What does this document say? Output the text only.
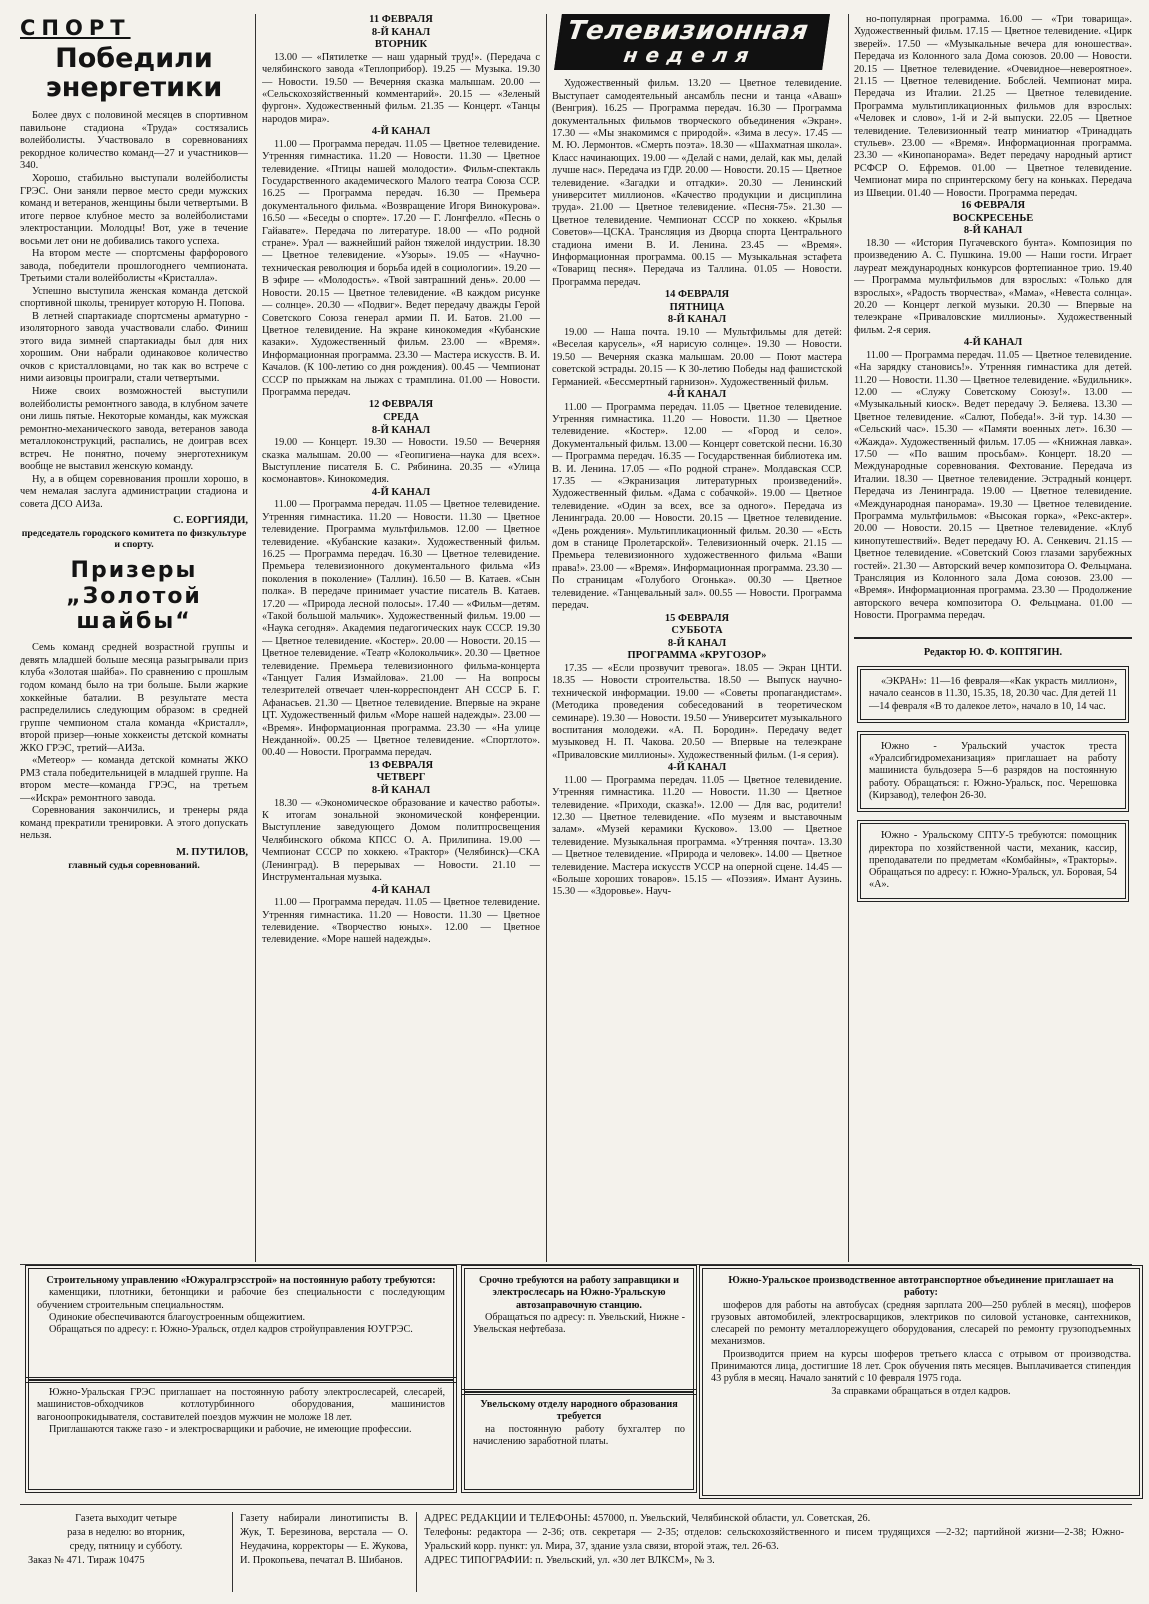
СПОРТ
Победили энергетики

Более двух с половиной месяцев в спортивном павильоне стадиона «Труда» состязались волейболисты. Участвовало в соревнованиях рекордное количество команд—27 и участников—340.

Хорошо, стабильно выступали волейболисты ГРЭС. Они заняли первое место среди мужских команд и ветеранов, женщины были четвертыми. В итоге первое клубное место за волейболистами электростанции. Молодцы! Вот, уже в течение восьми лет они не добивались такого успеха.

На втором месте — спортсмены фарфорового завода, победители прошлогоднего чемпионата. Третьими стали волейболисты «Кристалла».

Успешно выступила женская команда детской спортивной школы, тренирует которую Н. Попова.

В летней спартакиаде спортсмены арматурно - изоляторного завода участвовали слабо. Финиш этого вида зимней спартакиады был для них хорошим. Они набрали одинаковое количество очков с кристалловцами, но так как во встрече с ними аизовцы проиграли, стали четвертыми.

Ниже своих возможностей выступили волейболисты ремонтного завода, в клубном зачете они лишь пятые. Некоторые команды, как мужская ремонтно-механического завода, ветеранов завода металлоконструкций, распались, не доиграв всех встреч. Не понятно, почему энерготехникум вообще не выставил женскую команду.

Ну, а в общем соревнования прошли хорошо, в чем немалая заслуга администрации стадиона и совета ДСО АИЗа.

С. ЕОРГИЯДИ,

председатель городского комитета по физкультуре и спорту.

Призеры „Золотой шайбы“

Семь команд средней возрастной группы и девять младшей больше месяца разыгрывали приз клуба «Золотая шайба». По сравнению с прошлым годом команд было на три больше. Были жаркие хоккейные баталии. В результате места распределились следующим образом: в средней группе чемпионом стала команда «Кристалл», второй призер—юные хоккеисты детской комнаты ЖКО ГРЭС, третий—АИЗа.

«Метеор» — команда детской комнаты ЖКО РМЗ стала победительницей в младшей группе. На втором месте—команда ГРЭС, на третьем—«Искра» ремонтного завода.

Соревнования закончились, и тренеры ряда команд прекратили тренировки. А этого допускать нельзя.

М. ПУТИЛОВ,

главный судья соревнований.

11 ФЕВРАЛЯ
8-Й КАНАЛ
ВТОРНИК

13.00 — «Пятилетке — наш ударный труд!». (Передача с челябинского завода «Теплоприбор). 19.25 — Музыка. 19.30 — Новости. 19.50 — Вечерняя сказка малышам. 20.00 — «Сельскохозяйственный комментарий». 20.15 — «Зеленый фургон». Художественный фильм. 21.35 — Концерт. «Танцы народов мира».

4-Й КАНАЛ

11.00 — Программа передач. 11.05 — Цветное телевидение. Утренняя гимнастика. 11.20 — Новости. 11.30 — Цветное телевидение. «Птицы нашей молодости». Фильм-спектакль Государственного академического Малого театра Союза ССР. 16.25 — Программа передач. 16.30 — Премьера документального фильма. «Возвращение Игоря Винокурова». 16.50 — «Беседы о спорте». 17.20 — Г. Лонгфелло. «Песнь о Гайавате». Передача по литературе. 18.00 — «По родной стране». Урал — важнейший район тяжелой индустрии. 18.30 — Цветное телевидение. «Узоры». 19.05 — «Научно-техническая революция и борьба идей в социологии». 19.20 — В эфире — «Молодость». «Твой завтрашний день». 20.00 — Новости. 20.15 — Цветное телевидение. «В каждом рисунке — солнце». 20.30 — «Подвиг». Ведет передачу дважды Герой Советского Союза генерал армии П. И. Батов. 21.00 — Цветное телевидение. На экране кинокомедия «Кубанские казаки». Художественный фильм. 23.00 — «Время». Информационная программа. 23.30 — Мастера искусств. В. И. Качалов. (К 100-летию со дня рождения). 00.45 — Чемпионат СССР по прыжкам на лыжах с трамплина. 01.00 — Новости. Программа передач.

12 ФЕВРАЛЯ
СРЕДА
8-Й КАНАЛ

19.00 — Концерт. 19.30 — Новости. 19.50 — Вечерняя сказка малышам. 20.00 — «Геопигиена—наука для всех». Выступление писателя Б. С. Рябинина. 20.35 — «Улица космонавтов». Кинокомедия.

4-Й КАНАЛ

11.00 — Программа передач. 11.05 — Цветное телевидение. Утренняя гимнастика. 11.20 — Новости. 11.30 — Цветное телевидение. Программа мультфильмов. 12.00 — Цветное телевидение. «Кубанские казаки». Художественный фильм. 16.25 — Программа передач. 16.30 — Цветное телевидение. Премьера телевизионного документального фильма «Из поколения в поколение» (Таллин). 16.50 — В. Катаев. «Сын полка». В передаче принимает участие писатель В. Катаев. 17.20 — «Природа лесной полосы». 17.40 — «Фильм—детям. «Такой большой мальчик». Художественный фильм. 19.00 — «Наука сегодня». Академия педагогических наук СССР. 19.30 — Цветное телевидение. «Костер». 20.00 — Новости. 20.15 — Цветное телевидение. «Театр «Колокольчик». 20.30 — Цветное телевидение. Премьера телевизионного фильма-концерта «Танцует Галия Измайлова». 21.00 — На вопросы телезрителей отвечает член-корреспондент АН СССР Б. Г. Афанасьев. 21.30 — Цветное телевидение. Впервые на экране ЦТ. Художественный фильм «Море нашей надежды». 23.00 — «Время». Информационная программа. 23.30 — «На улице Нежданной». 00.25 — Цветное телевидение. «Спортлото». 00.40 — Новости. Программа передач.

13 ФЕВРАЛЯ
ЧЕТВЕРГ
8-Й КАНАЛ

18.30 — «Экономическое образование и качество работы». К итогам зональной экономической конференции. Выступление заведующего Домом политпросвещения Челябинского обкома КПСС О. А. Прилипина. 19.00 — Чемпионат СССР по хоккею. «Трактор» (Челябинск)—СКА (Ленинград). В перерывах — Новости. 21.10 — Инструментальная музыка.

4-Й КАНАЛ

11.00 — Программа передач. 11.05 — Цветное телевидение. Утренняя гимнастика. 11.20 — Новости. 11.30 — Цветное телевидение. «Творчество юных». 12.00 — Цветное телевидение. «Море нашей надежды».

Телевизионная
неделя

Художественный фильм. 13.20 — Цветное телевидение. Выступает самодеятельный ансамбль песни и танца «Аваш» (Венгрия). 16.25 — Программа передач. 16.30 — Программа документальных фильмов творческого объединения «Экран». 17.30 — «Мы знакомимся с природой». «Зима в лесу». 17.45 — М. Ю. Лермонтов. «Смерть поэта». 18.30 — «Шахматная школа». Класс начинающих. 19.00 — «Делай с нами, делай, как мы, делай лучше нас». Передача из ГДР. 20.00 — Новости. 20.15 — Цветное телевидение. «Загадки и отгадки». 20.30 — Ленинский университет миллионов. «Качество продукции и дисциплина труда». 21.00 — Цветное телевидение. «Песня-75». 21.30 — Цветное телевидение. Чемпионат СССР по хоккею. «Крылья Советов»—ЦСКА. Трансляция из Дворца спорта Центрального стадиона имени В. И. Ленина. 23.45 — «Время». Информационная программа. 00.15 — Музыкальная эстафета «Товарищ песня». Передача из Таллина. 01.05 — Новости. Программа передач.

14 ФЕВРАЛЯ
ПЯТНИЦА
8-Й КАНАЛ

19.00 — Наша почта. 19.10 — Мультфильмы для детей: «Веселая карусель», «Я нарисую солнце». 19.30 — Новости. 19.50 — Вечерняя сказка малышам. 20.00 — Поют мастера советской эстрады. 20.15 — К 30-летию Победы над фашистской Германией. «Бессмертный гарнизон». Художественный фильм.

4-Й КАНАЛ

11.00 — Программа передач. 11.05 — Цветное телевидение. Утренняя гимнастика. 11.20 — Новости. 11.30 — Цветное телевидение. «Костер». 12.00 — «Город и село». Документальный фильм. 13.00 — Концерт советской песни. 16.30 — Программа передач. 16.35 — Государственная библиотека им. В. И. Ленина. 17.05 — «По родной стране». Молдавская ССР. 17.35 — «Экранизация литературных произведений». Художественный фильм. «Дама с собачкой». 19.00 — Цветное телевидение. «Один за всех, все за одного». Передача из Ленинграда. 20.00 — Новости. 20.15 — Цветное телевидение. «День рождения». Мультипликационный фильм. 20.30 — «Есть дом в станице Пролетарской». Телевизионный очерк. 21.15 — Премьера телевизионного художественного фильма «Ваши права!». 23.00 — «Время». Информационная программа. 23.30 — По страницам «Голубого Огонька». 00.30 — Цветное телевидение. «Танцевальный зал». 00.55 — Новости. Программа передач.

15 ФЕВРАЛЯ
СУББОТА
8-Й КАНАЛ
ПРОГРАММА «КРУГОЗОР»

17.35 — «Если прозвучит тревога». 18.05 — Экран ЦНТИ. 18.35 — Новости строительства. 18.50 — Выпуск научно-технической информации. 19.00 — «Советы пропагандистам». (Методика проведения собеседований в теоретическом семинаре). 19.30 — Новости. 19.50 — Университет музыкального воспитания молодежи. «А. П. Бородин». Передачу ведет музыковед Н. П. Чакова. 20.50 — Впервые на телеэкране «Приваловские миллионы». Художественный фильм. (1-я серия).

4-Й КАНАЛ

11.00 — Программа передач. 11.05 — Цветное телевидение. Утренняя гимнастика. 11.20 — Новости. 11.30 — Цветное телевидение. «Приходи, сказка!». 12.00 — Для вас, родители! 12.30 — Цветное телевидение. «По музеям и выставочным залам». «Музей керамики Кусково». 13.00 — Цветное телевидение. Музыкальная программа. «Утренняя почта». 13.30 — Цветное телевидение. «Природа и человек». 14.00 — Цветное телевидение. Мастера искусств УССР на оперной сцене. 14.45 — «Больше хороших товаров». 15.15 — «Поэзия». Имант Аузинь. 15.30 — «Здоровье». Науч-

но-популярная программа. 16.00 — «Три товарища». Художественный фильм. 17.15 — Цветное телевидение. «Цирк зверей». 17.50 — «Музыкальные вечера для юношества». Передача из Колонного зала Дома союзов. 20.00 — Новости. 20.15 — Цветное телевидение. «Очевидное—невероятное». 21.15 — Цветное телевидение. Бобслей. Чемпионат мира. Передача из Италии. 21.25 — Цветное телевидение. Программа мультипликационных фильмов для взрослых: «Человек и слово», 1-й и 2-й выпуски. 22.05 — Цветное телевидение. Телевизионный театр миниатюр «Тринадцать стульев». 23.00 — «Время». Информационная программа. 23.30 — «Кинопанорама». Ведет передачу народный артист РСФСР О. Ефремов. 01.00 — Цветное телевидение. Чемпионат мира по спринтерскому бегу на коньках. Передача из Швеции. 01.40 — Новости. Программа передач.

16 ФЕВРАЛЯ
ВОСКРЕСЕНЬЕ
8-Й КАНАЛ

18.30 — «История Пугачевского бунта». Композиция по произведению А. С. Пушкина. 19.00 — Наши гости. Играет лауреат международных конкурсов фортепианное трио. 19.40 — Программа мультфильмов для взрослых: «Только для взрослых», «Радость творчества», «Мама», «Невеста солнца». 20.20 — Концерт легкой музыки. 20.30 — Впервые на телеэкране «Приваловские миллионы». Художественный фильм. 2-я серия.

4-Й КАНАЛ

11.00 — Программа передач. 11.05 — Цветное телевидение. «На зарядку становись!». Утренняя гимнастика для детей. 11.20 — Новости. 11.30 — Цветное телевидение. «Будильник». 12.00 — «Служу Советскому Союзу!». 13.00 — «Музыкальный киоск». Ведет передачу Э. Беляева. 13.30 — Цветное телевидение. «Салют, Победа!». 3-й тур. 14.30 — «Сельский час». 15.30 — «Памяти военных лет». 16.30 — «Жажда». Художественный фильм. 17.05 — «Книжная лавка». 17.50 — «По вашим просьбам». Концерт. 18.20 — Международные соревнования. Фехтование. Передача из Италии. 18.30 — Цветное телевидение. Эстрадный концерт. Передача из Ленинграда. 19.00 — Цветное телевидение. «Международная панорама». 19.30 — Цветное телевидение. Программа мультфильмов: «Высокая горка», «Рекс-актер». 20.00 — Новости. 20.15 — Цветное телевидение. «Клуб кинопутешествий». Ведет передачу Ю. А. Сенкевич. 21.15 — Цветное телевидение. «Советский Союз глазами зарубежных гостей». 21.30 — Авторский вечер композитора О. Фельцмана. Трансляция из Колонного зала Дома союзов. 23.00 — «Время». Информационная программа. 23.30 — Продолжение авторского вечера композитора О. Фельцмана. 01.00 — Новости. Программа передач.

Редактор Ю. Ф. КОПТЯГИН.

«ЭКРАН»: 11—16 февраля—«Как украсть миллион», начало сеансов в 11.30, 15.35, 18, 20.30 час. Для детей 11—14 февраля «В то далекое лето», начало в 10, 14 час.

Южно - Уральский участок треста «Уралсибгидромеханизация» приглашает на работу машиниста бульдозера 5—6 разрядов на постоянную работу. Обращаться: г. Южно-Уральск, пос. Черешовка (Кирзавод), телефон 26-30.

Южно - Уральскому СПТУ-5 требуются: помощник директора по хозяйственной части, механик, кассир, преподаватели по предметам «Комбайны», «Тракторы». Обращаться по адресу: г. Южно-Уральск, ул. Боровая, 54 «А».

Строительному управлению «Южуралгрэсстрой» на постоянную работу требуются:

каменщики, плотники, бетонщики и рабочие без специальности с последующим обучением строительным специальностям.

Одинокие обеспечиваются благоустроенным общежитием.

Обращаться по адресу: г. Южно-Уральск, отдел кадров стройуправления ЮУГРЭС.

Срочно требуются на работу заправщики и электрослесарь на Южно-Уральскую автозаправочную станцию.

Обращаться по адресу: п. Увельский, Нижне - Увельская нефтебаза.

Южно-Уральское производственное автотранспортное объединение приглашает на работу:

шоферов для работы на автобусах (средняя зарплата 200—250 рублей в месяц), шоферов грузовых автомобилей, электросварщиков, электриков по силовой установке, сантехников, слесарей по ремонту металлорежущего оборудования, слесарей по ремонту грузоподъемных механизмов.

Производится прием на курсы шоферов третьего класса с отрывом от производства. Принимаются лица, достигшие 18 лет. Срок обучения пять месяцев. Выплачивается стипендия 43 рубля в месяц. Начало занятий с 10 февраля 1975 года.

За справками обращаться в отдел кадров.

Южно-Уральская ГРЭС приглашает на постоянную работу электрослесарей, слесарей, машинистов-обходчиков котлотурбинного оборудования, машинистов вагоноопрокидывателя, составителей поездов мужчин не моложе 18 лет.

Приглашаются также газо - и электросварщики и рабочие, не имеющие профессии.

Увельскому отделу народного образования требуется

на постоянную работу бухгалтер по начислению заработной платы.

Газета выходит четыре

раза в неделю: во вторник,

среду, пятницу и субботу.

Заказ № 471. Тираж 10475

Газету набирали линотиписты В. Жук, Т. Березинова, верстала — О. Неудачина, корректоры — Е. Жукова, И. Прокопьева, печатал В. Шибанов.

АДРЕС РЕДАКЦИИ И ТЕЛЕФОНЫ: 457000, п. Увельский, Челябинской области, ул. Советская, 26.

Телефоны: редактора — 2-36; отв. секретаря — 2-35; отделов: сельскохозяйственного и писем трудящихся —2-32; партийной жизни—2-38; Южно-Уральский корр. пункт: ул. Мира, 37, здание узла связи, второй этаж, тел. 26-63.

АДРЕС ТИПОГРАФИИ: п. Увельский, ул. «30 лет ВЛКСМ», № 3.
